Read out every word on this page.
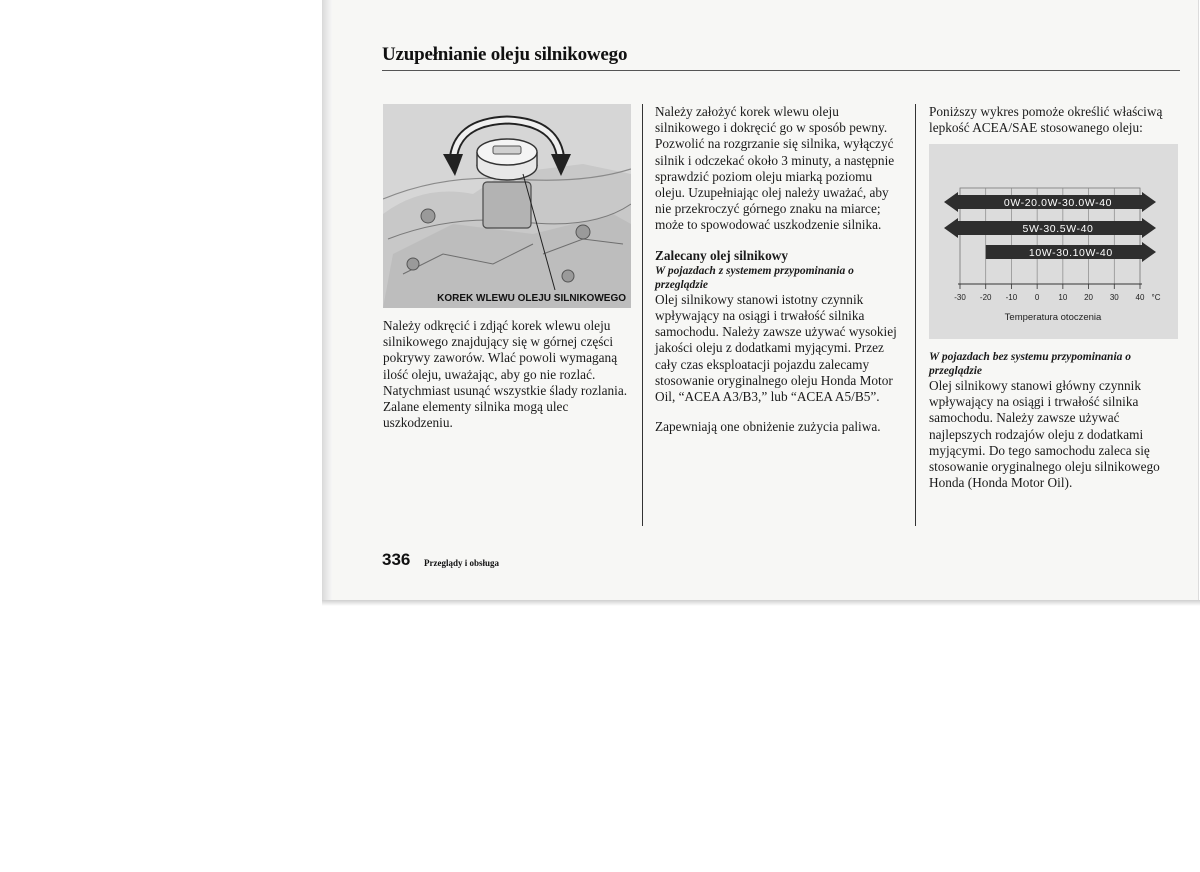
Uzupełnianie oleju silnikowego
KOREK WLEWU OLEJU SILNIKOWEGO

Należy odkręcić i zdjąć korek wlewu oleju
silnikowego znajdujący się w górnej części
pokrywy zaworów. Wlać powoli wymaganą
ilość oleju, uważając, aby go nie rozlać.
Natychmiast usunąć wszystkie ślady rozlania.
Zalane elementy silnika mogą ulec
uszkodzeniu.

Należy założyć korek wlewu oleju
silnikowego i dokręcić go w sposób pewny.
Pozwolić na rozgrzanie się silnika, wyłączyć
silnik i odczekać około 3 minuty, a następnie
sprawdzić poziom oleju miarką poziomu
oleju. Uzupełniając olej należy uważać, aby
nie przekroczyć górnego znaku na miarce;
może to spowodować uszkodzenie silnika.

Zalecany olej silnikowy

W pojazdach z systemem przypominania o
przeglądzie

Olej silnikowy stanowi istotny czynnik
wpływający na osiągi i trwałość silnika
samochodu. Należy zawsze używać wysokiej
jakości oleju z dodatkami myjącymi. Przez
cały czas eksploatacji pojazdu zalecamy
stosowanie oryginalnego oleju Honda Motor
Oil, “ACEA A3/B3,” lub “ACEA A5/B5”.

Zapewniają one obniżenie zużycia paliwa.

Poniższy wykres pomoże określić właściwą
lepkość ACEA/SAE stosowanego oleju:

-30 -20 -10 0 10 20 30 40 °C
0W-20.0W-30.0W-40
5W-30.5W-40
10W-30.10W-40
Temperatura otoczenia

W pojazdach bez systemu przypominania o
przeglądzie

Olej silnikowy stanowi główny czynnik
wpływający na osiągi i trwałość silnika
samochodu. Należy zawsze używać
najlepszych rodzajów oleju z dodatkami
myjącymi. Do tego samochodu zaleca się
stosowanie oryginalnego oleju silnikowego
Honda (Honda Motor Oil).

336 Przeglądy i obsługa
